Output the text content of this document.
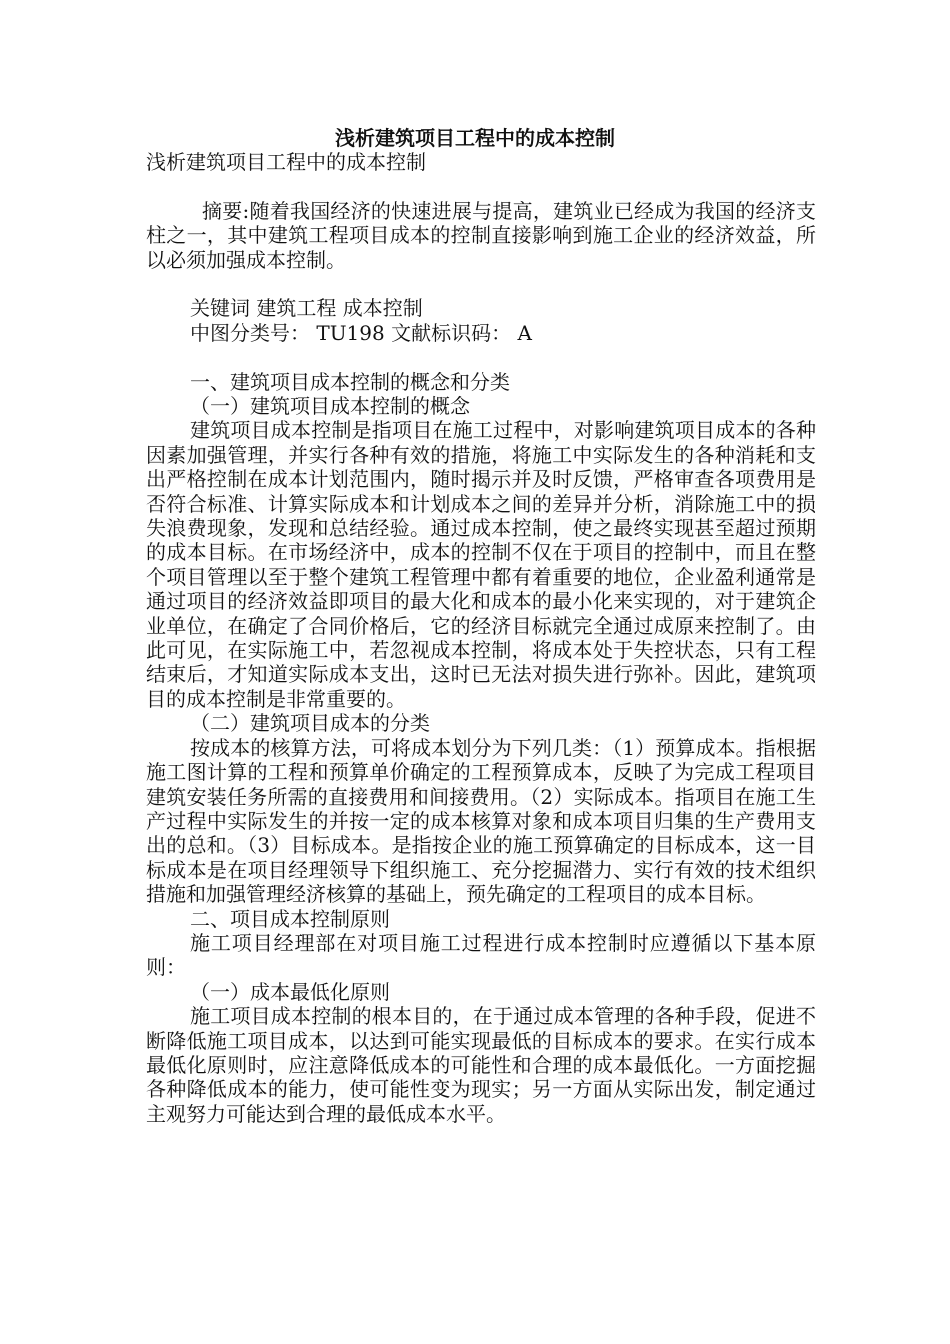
浅析建筑项目工程中的成本控制

浅析建筑项目工程中的成本控制

摘要:随着我国经济的快速进展与提高，建筑业已经成为我国的经济支柱之一，其中建筑工程项目成本的控制直接影响到施工企业的经济效益，所以必须加强成本控制。

关键词 建筑工程 成本控制

中图分类号： TU198 文献标识码： A

一、建筑项目成本控制的概念和分类

（一）建筑项目成本控制的概念

建筑项目成本控制是指项目在施工过程中，对影响建筑项目成本的各种因素加强管理，并实行各种有效的措施，将施工中实际发生的各种消耗和支出严格控制在成本计划范围内，随时揭示并及时反馈，严格审查各项费用是否符合标准、计算实际成本和计划成本之间的差异并分析，消除施工中的损失浪费现象，发现和总结经验。通过成本控制，使之最终实现甚至超过预期的成本目标。在市场经济中，成本的控制不仅在于项目的控制中，而且在整个项目管理以至于整个建筑工程管理中都有着重要的地位，企业盈利通常是通过项目的经济效益即项目的最大化和成本的最小化来实现的，对于建筑企业单位，在确定了合同价格后，它的经济目标就完全通过成原来控制了。由此可见，在实际施工中，若忽视成本控制，将成本处于失控状态，只有工程结束后，才知道实际成本支出，这时已无法对损失进行弥补。因此，建筑项目的成本控制是非常重要的。

（二）建筑项目成本的分类

按成本的核算方法，可将成本划分为下列几类：（1）预算成本。指根据施工图计算的工程和预算单价确定的工程预算成本，反映了为完成工程项目建筑安装任务所需的直接费用和间接费用。（2）实际成本。指项目在施工生产过程中实际发生的并按一定的成本核算对象和成本项目归集的生产费用支出的总和。（3）目标成本。是指按企业的施工预算确定的目标成本，这一目标成本是在项目经理领导下组织施工、充分挖掘潜力、实行有效的技术组织措施和加强管理经济核算的基础上，预先确定的工程项目的成本目标。

二、项目成本控制原则

施工项目经理部在对项目施工过程进行成本控制时应遵循以下基本原则：

（一）成本最低化原则

施工项目成本控制的根本目的，在于通过成本管理的各种手段，促进不断降低施工项目成本，以达到可能实现最低的目标成本的要求。在实行成本最低化原则时，应注意降低成本的可能性和合理的成本最低化。一方面挖掘各种降低成本的能力，使可能性变为现实；另一方面从实际出发，制定通过主观努力可能达到合理的最低成本水平。
